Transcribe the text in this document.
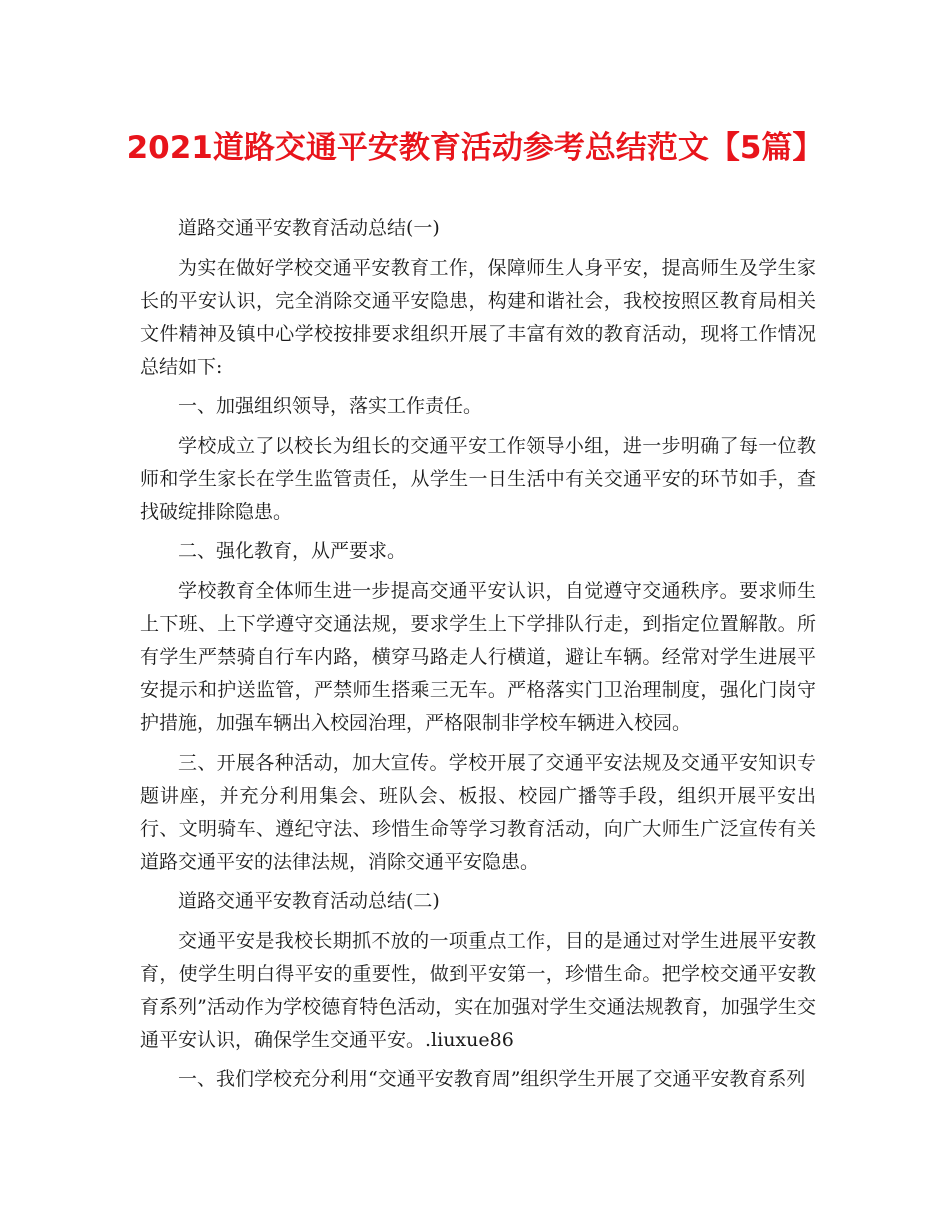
2021道路交通平安教育活动参考总结范文【5篇】

道路交通平安教育活动总结(一)

为实在做好学校交通平安教育工作，保障师生人身平安，提高师生及学生家长的平安认识，完全消除交通平安隐患，构建和谐社会，我校按照区教育局相关文件精神及镇中心学校按排要求组织开展了丰富有效的教育活动，现将工作情况总结如下:

一、加强组织领导，落实工作责任。

学校成立了以校长为组长的交通平安工作领导小组，进一步明确了每一位教师和学生家长在学生监管责任，从学生一日生活中有关交通平安的环节如手，查找破绽排除隐患。

二、强化教育，从严要求。

学校教育全体师生进一步提高交通平安认识，自觉遵守交通秩序。要求师生上下班、上下学遵守交通法规，要求学生上下学排队行走，到指定位置解散。所有学生严禁骑自行车内路，横穿马路走人行横道，避让车辆。经常对学生进展平安提示和护送监管，严禁师生搭乘三无车。严格落实门卫治理制度，强化门岗守护措施，加强车辆出入校园治理，严格限制非学校车辆进入校园。

三、开展各种活动，加大宣传。学校开展了交通平安法规及交通平安知识专题讲座，并充分利用集会、班队会、板报、校园广播等手段，组织开展平安出行、文明骑车、遵纪守法、珍惜生命等学习教育活动，向广大师生广泛宣传有关道路交通平安的法律法规，消除交通平安隐患。

道路交通平安教育活动总结(二)

交通平安是我校长期抓不放的一项重点工作，目的是通过对学生进展平安教育，使学生明白得平安的重要性，做到平安第一，珍惜生命。把学校交通平安教育系列”活动作为学校德育特色活动，实在加强对学生交通法规教育，加强学生交通平安认识，确保学生交通平安。.liuxue86

一、我们学校充分利用“交通平安教育周”组织学生开展了交通平安教育系列
